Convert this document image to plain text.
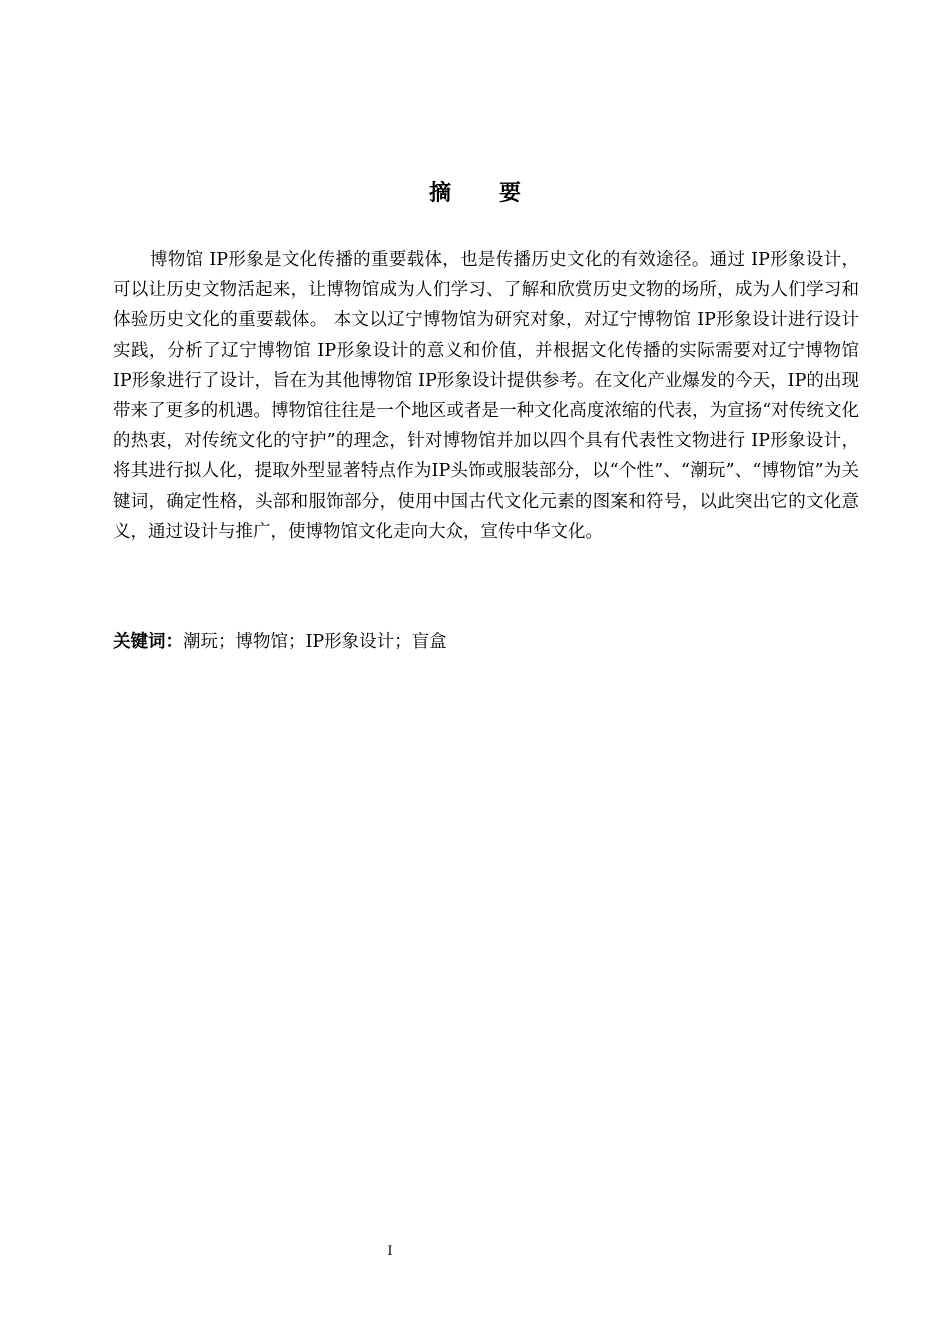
摘要

博物馆 IP形象是文化传播的重要载体，也是传播历史文化的有效途径。通过 IP形象设计，可以让历史文物活起来，让博物馆成为人们学习、了解和欣赏历史文物的场所，成为人们学习和体验历史文化的重要载体。 本文以辽宁博物馆为研究对象，对辽宁博物馆 IP形象设计进行设计实践，分析了辽宁博物馆 IP形象设计的意义和价值，并根据文化传播的实际需要对辽宁博物馆 IP形象进行了设计，旨在为其他博物馆 IP形象设计提供参考。在文化产业爆发的今天，IP的出现带来了更多的机遇。博物馆往往是一个地区或者是一种文化高度浓缩的代表，为宣扬“对传统文化的热衷，对传统文化的守护”的理念，针对博物馆并加以四个具有代表性文物进行 IP形象设计，将其进行拟人化，提取外型显著特点作为IP头饰或服装部分，以“个性”、“潮玩”、“博物馆”为关键词，确定性格，头部和服饰部分，使用中国古代文化元素的图案和符号，以此突出它的文化意义，通过设计与推广，使博物馆文化走向大众，宣传中华文化。

关键词：潮玩；博物馆；IP形象设计；盲盒
I
